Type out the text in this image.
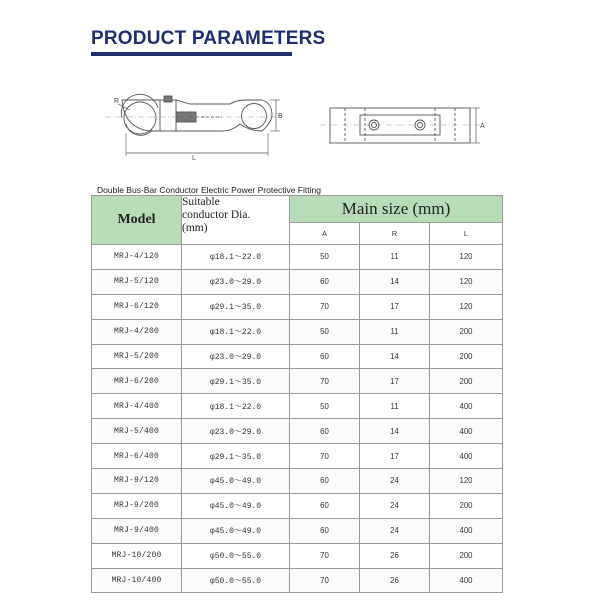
PRODUCT PARAMETERS
R
B
L
A
Double Bus-Bar Conductor Electric Power Protective Fitting
Model	Suitable
conductor Dia.
(mm)	Main size (mm)		
		A	R	L
MRJ-4/120	φ18.1～22.0	50	11	120
MRJ-5/120	φ23.0～29.0	60	14	120
MRJ-6/120	φ29.1～35.0	70	17	120
MRJ-4/200	φ18.1～22.0	50	11	200
MRJ-5/200	φ23.0～29.0	60	14	200
MRJ-6/200	φ29.1～35.0	70	17	200
MRJ-4/400	φ18.1～22.0	50	11	400
MRJ-5/400	φ23.0～29.0	60	14	400
MRJ-6/400	φ29.1～35.0	70	17	400
MRJ-9/120	φ45.0～49.0	60	24	120
MRJ-9/200	φ45.0～49.0	60	24	200
MRJ-9/400	φ45.0～49.0	60	24	400
MRJ-10/200	φ50.0～55.0	70	26	200
MRJ-10/400	φ50.0～55.0	70	26	400
